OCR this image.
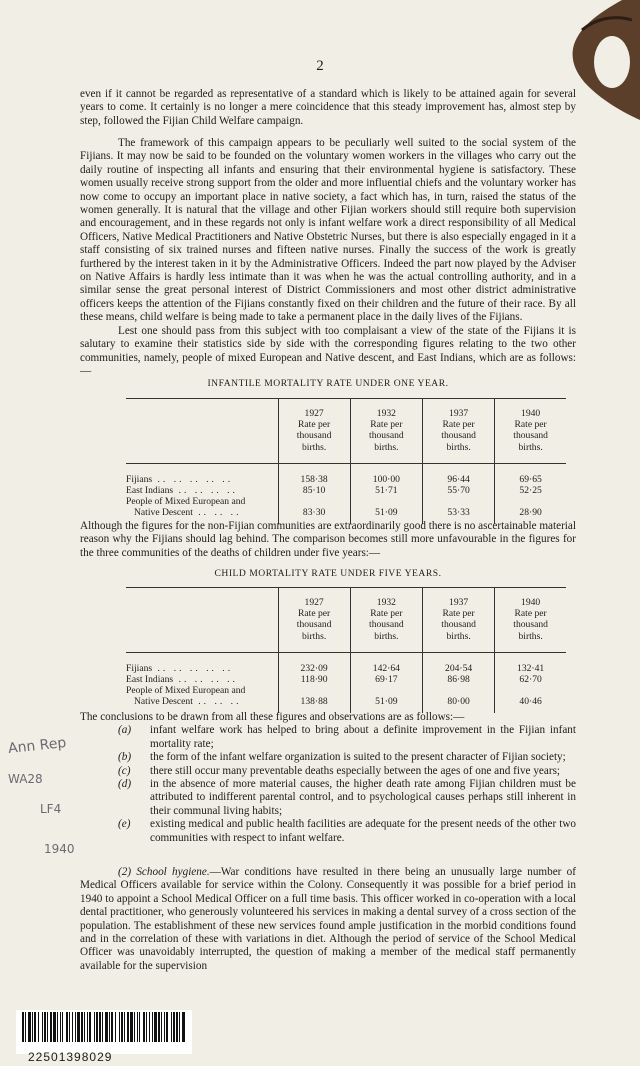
2

even if it cannot be regarded as representative of a standard which is likely to be attained again for several years to come. It certainly is no longer a mere coincidence that this steady improvement has, almost step by step, followed the Fijian Child Welfare campaign.

The framework of this campaign appears to be peculiarly well suited to the social system of the Fijians. It may now be said to be founded on the voluntary women workers in the villages who carry out the daily routine of inspecting all infants and ensuring that their environmental hygiene is satisfactory. These women usually receive strong support from the older and more influential chiefs and the voluntary worker has now come to occupy an important place in native society, a fact which has, in turn, raised the status of the women generally. It is natural that the village and other Fijian workers should still require both supervision and encouragement, and in these regards not only is infant welfare work a direct responsibility of all Medical Officers, Native Medical Practitioners and Native Obstetric Nurses, but there is also especially engaged in it a staff consisting of six trained nurses and fifteen native nurses. Finally the success of the work is greatly furthered by the interest taken in it by the Administrative Officers. Indeed the part now played by the Adviser on Native Affairs is hardly less intimate than it was when he was the actual controlling authority, and in a similar sense the great personal interest of District Commissioners and most other district administrative officers keeps the attention of the Fijians constantly fixed on their children and the future of their race. By all these means, child welfare is being made to take a permanent place in the daily lives of the Fijians.

Lest one should pass from this subject with too complaisant a view of the state of the Fijians it is salutary to examine their statistics side by side with the corresponding figures relating to the two other communities, namely, people of mixed European and Native descent, and East Indians, which are as follows:—

INFANTILE MORTALITY RATE UNDER ONE YEAR.
	1927
Rate per
thousand
births.	1932
Rate per
thousand
births.	1937
Rate per
thousand
births.	1940
Rate per
thousand
births.
Fijians .. .. .. .. ..	158·38	100·00	96·44	69·65
East Indians .. .. .. ..	85·10	51·71	55·70	52·25
People of Mixed European and
Native Descent .. .. ..	83·30	51·09	53·33	28·90

Although the figures for the non-Fijian communities are extraordinarily good there is no ascertainable material reason why the Fijians should lag behind. The comparison becomes still more unfavourable in the figures for the three communities of the deaths of children under five years:—

CHILD MORTALITY RATE UNDER FIVE YEARS.
	1927
Rate per
thousand
births.	1932
Rate per
thousand
births.	1937
Rate per
thousand
births.	1940
Rate per
thousand
births.
Fijians .. .. .. .. ..	232·09	142·64	204·54	132·41
East Indians .. .. .. ..	118·90	69·17	86·98	62·70
People of Mixed European and
Native Descent .. .. ..	138·88	51·09	80·00	40·46

The conclusions to be drawn from all these figures and observations are as follows:—

(a) infant welfare work has helped to bring about a definite improvement in the Fijian infant mortality rate;
(b) the form of the infant welfare organization is suited to the present character of Fijian society;
(c) there still occur many preventable deaths especially between the ages of one and five years;
(d) in the absence of more material causes, the higher death rate among Fijian children must be attributed to indifferent parental control, and to psychological causes perhaps still inherent in their communal living habits;
(e) existing medical and public health facilities are adequate for the present needs of the other two communities with respect to infant welfare.

(2) School hygiene.—War conditions have resulted in there being an unusually large number of Medical Officers available for service within the Colony. Consequently it was possible for a brief period in 1940 to appoint a School Medical Officer on a full time basis. This officer worked in co-operation with a local dental practitioner, who generously volunteered his services in making a dental survey of a cross section of the population. The establishment of these new services found ample justification in the morbid conditions found and in the correlation of these with variations in diet. Although the period of service of the School Medical Officer was unavoidably interrupted, the question of making a member of the medical staff permanently available for the supervision

Ann Rep
WA28
LF4
1940
22501398029
